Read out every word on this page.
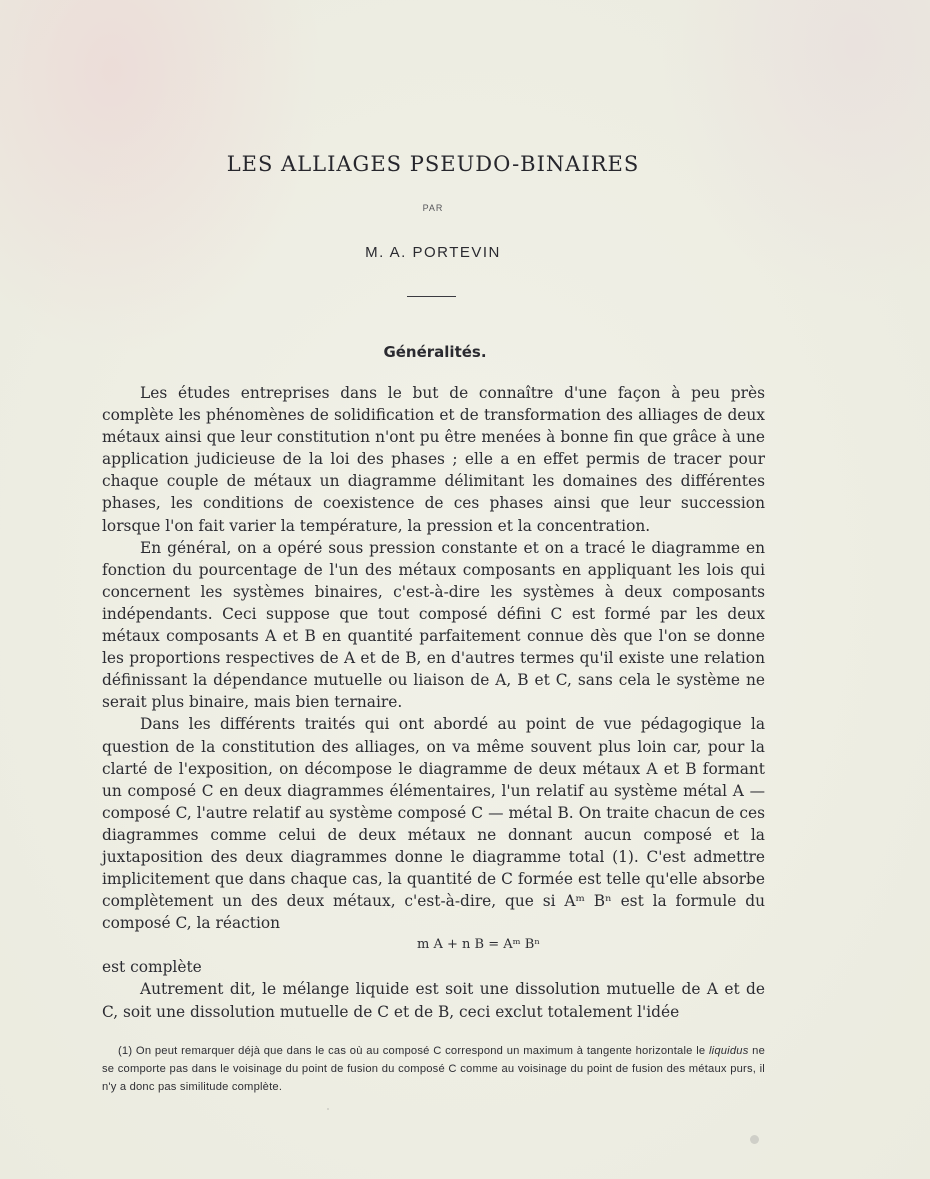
LES ALLIAGES PSEUDO-BINAIRES
PAR
M. A. PORTEVIN
Généralités.

Les études entreprises dans le but de connaître d'une façon à peu près complète les phénomènes de solidification et de transformation des alliages de deux métaux ainsi que leur constitution n'ont pu être menées à bonne fin que grâce à une application judicieuse de la loi des phases ; elle a en effet permis de tracer pour chaque couple de métaux un diagramme délimitant les domaines des différentes phases, les conditions de coexistence de ces phases ainsi que leur succession lorsque l'on fait varier la température, la pression et la concentration.

En général, on a opéré sous pression constante et on a tracé le diagramme en fonction du pourcentage de l'un des métaux composants en appliquant les lois qui concernent les systèmes binaires, c'est-à-dire les systèmes à deux composants indépendants. Ceci suppose que tout composé défini C est formé par les deux métaux composants A et B en quantité parfaitement connue dès que l'on se donne les proportions respectives de A et de B, en d'autres termes qu'il existe une relation définissant la dépendance mutuelle ou liaison de A, B et C, sans cela le système ne serait plus binaire, mais bien ternaire.

Dans les différents traités qui ont abordé au point de vue pédagogique la question de la constitution des alliages, on va même souvent plus loin car, pour la clarté de l'exposition, on décompose le diagramme de deux métaux A et B formant un composé C en deux diagrammes élémentaires, l'un relatif au système métal A — composé C, l'autre relatif au système composé C — métal B. On traite chacun de ces diagrammes comme celui de deux métaux ne donnant aucun composé et la juxtaposition des deux diagrammes donne le diagramme total (1). C'est admettre implicitement que dans chaque cas, la quantité de C formée est telle qu'elle absorbe complètement un des deux métaux, c'est-à-dire, que si Aᵐ Bⁿ est la formule du composé C, la réaction

m A + n B = Aᵐ Bⁿ

est complète

Autrement dit, le mélange liquide est soit une dissolution mutuelle de A et de C, soit une dissolution mutuelle de C et de B, ceci exclut totalement l'idée

(1) On peut remarquer déjà que dans le cas où au composé C correspond un maximum à tangente horizontale le liquidus ne se comporte pas dans le voisinage du point de fusion du composé C comme au voisinage du point de fusion des métaux purs, il n'y a donc pas similitude complète.
